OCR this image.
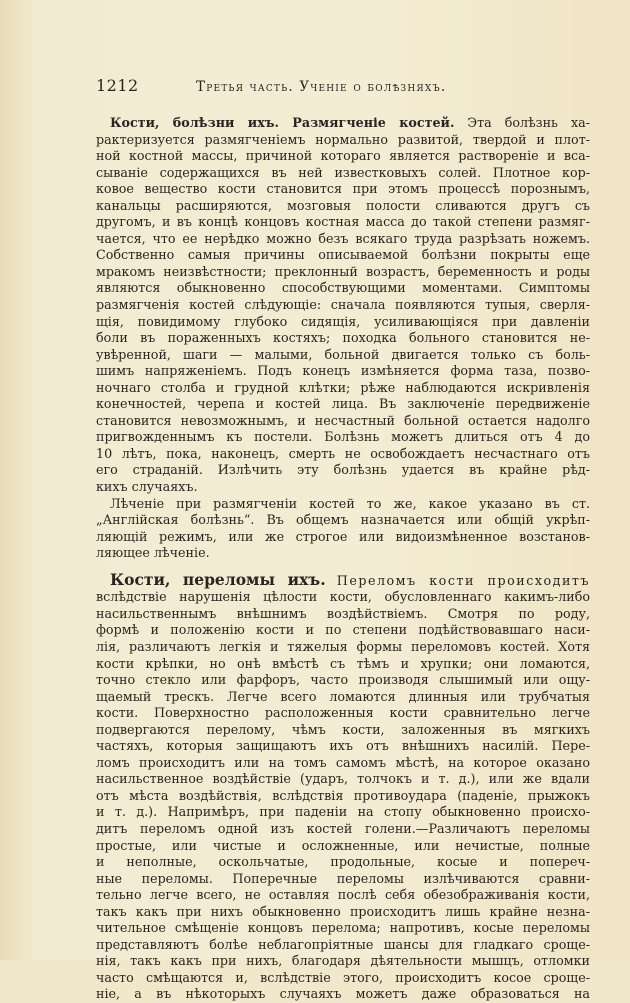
1212	Третья часть. Ученіе о болѣзняхъ.

Кости, болѣзни ихъ. Размягченіе костей. Эта болѣзнь ха-

рактеризуется размягченіемъ нормально развитой, твердой и плот-

ной костной массы, причиной котораго является раствореніе и вса-

сываніе содержащихся въ ней известковыхъ солей. Плотное кор-

ковое вещество кости становится при этомъ процессѣ порознымъ,

канальцы расширяются, мозговыя полости сливаются другъ съ

другомъ, и въ концѣ концовъ костная масса до такой степени размяг-

чается, что ее нерѣдко можно безъ всякаго труда разрѣзать ножемъ.

Собственно самыя причины описываемой болѣзни покрыты еще

мракомъ неизвѣстности; преклонный возрастъ, беременность и роды

являются обыкновенно способствующими моментами. Симптомы

размягченія костей слѣдующіе: сначала появляются тупыя, сверля-

щія, повидимому глубоко сидящія, усиливающіяся при давленіи

боли въ пораженныхъ костяхъ; походка больного становится не-

увѣренной, шаги — малыми, больной двигается только съ боль-

шимъ напряженіемъ. Подъ конецъ измѣняется форма таза, позво-

ночнаго столба и грудной клѣтки; рѣже наблюдаются искривленія

конечностей, черепа и костей лица. Въ заключеніе передвиженіе

становится невозможнымъ, и несчастный больной остается надолго

пригвожденнымъ къ постели. Болѣзнь можетъ длиться отъ 4 до

10 лѣтъ, пока, наконецъ, смерть не освобождаетъ несчастнаго отъ

его страданій. Излѣчить эту болѣзнь удается въ крайне рѣд-

кихъ случаяхъ.

Лѣченіе при размягченіи костей то же, какое указано въ ст.

„Англійская болѣзнь“. Въ общемъ назначается или общій укрѣп-

ляющій режимъ, или же строгое или видоизмѣненное возстанов-

ляющее лѣченіе.

Кости, переломы ихъ. Переломъ кости происходитъ

вслѣдствіе нарушенія цѣлости кости, обусловленнаго какимъ-либо

насильственнымъ внѣшнимъ воздѣйствіемъ. Смотря по роду,

формѣ и положенію кости и по степени подѣйствовавшаго наси-

лія, различаютъ легкія и тяжелыя формы переломовъ костей. Хотя

кости крѣпки, но онѣ вмѣстѣ съ тѣмъ и хрупки; они ломаются,

точно стекло или фарфоръ, часто производя слышимый или ощу-

щаемый трескъ. Легче всего ломаются длинныя или трубчатыя

кости. Поверхностно расположенныя кости сравнительно легче

подвергаются перелому, чѣмъ кости, заложенныя въ мягкихъ

частяхъ, которыя защищаютъ ихъ отъ внѣшнихъ насилій. Пере-

ломъ происходитъ или на томъ самомъ мѣстѣ, на которое оказано

насильственное воздѣйствіе (ударъ, толчокъ и т. д.), или же вдали

отъ мѣста воздѣйствія, вслѣдствія противоудара (паденіе, прыжокъ

и т. д.). Напримѣръ, при паденіи на стопу обыкновенно происхо-

дитъ переломъ одной изъ костей голени.—Различаютъ переломы

простые, или чистые и осложненные, или нечистые, полные

и неполные, оскольчатые, продольные, косые и попереч-

ные переломы. Поперечные переломы излѣчиваются сравни-

тельно легче всего, не оставляя послѣ себя обезображиванія кости,

такъ какъ при нихъ обыкновенно происходитъ лишь крайне незна-

чительное смѣщеніе концовъ перелома; напротивъ, косые переломы

представляютъ болѣе неблагопріятные шансы для гладкаго срощe-

нія, такъ какъ при нихъ, благодаря дѣятельности мышцъ, отломки

часто смѣщаются и, вслѣдствіе этого, происходитъ косое сроще-

ніе, а въ нѣкоторыхъ случаяхъ можетъ даже образоваться на
